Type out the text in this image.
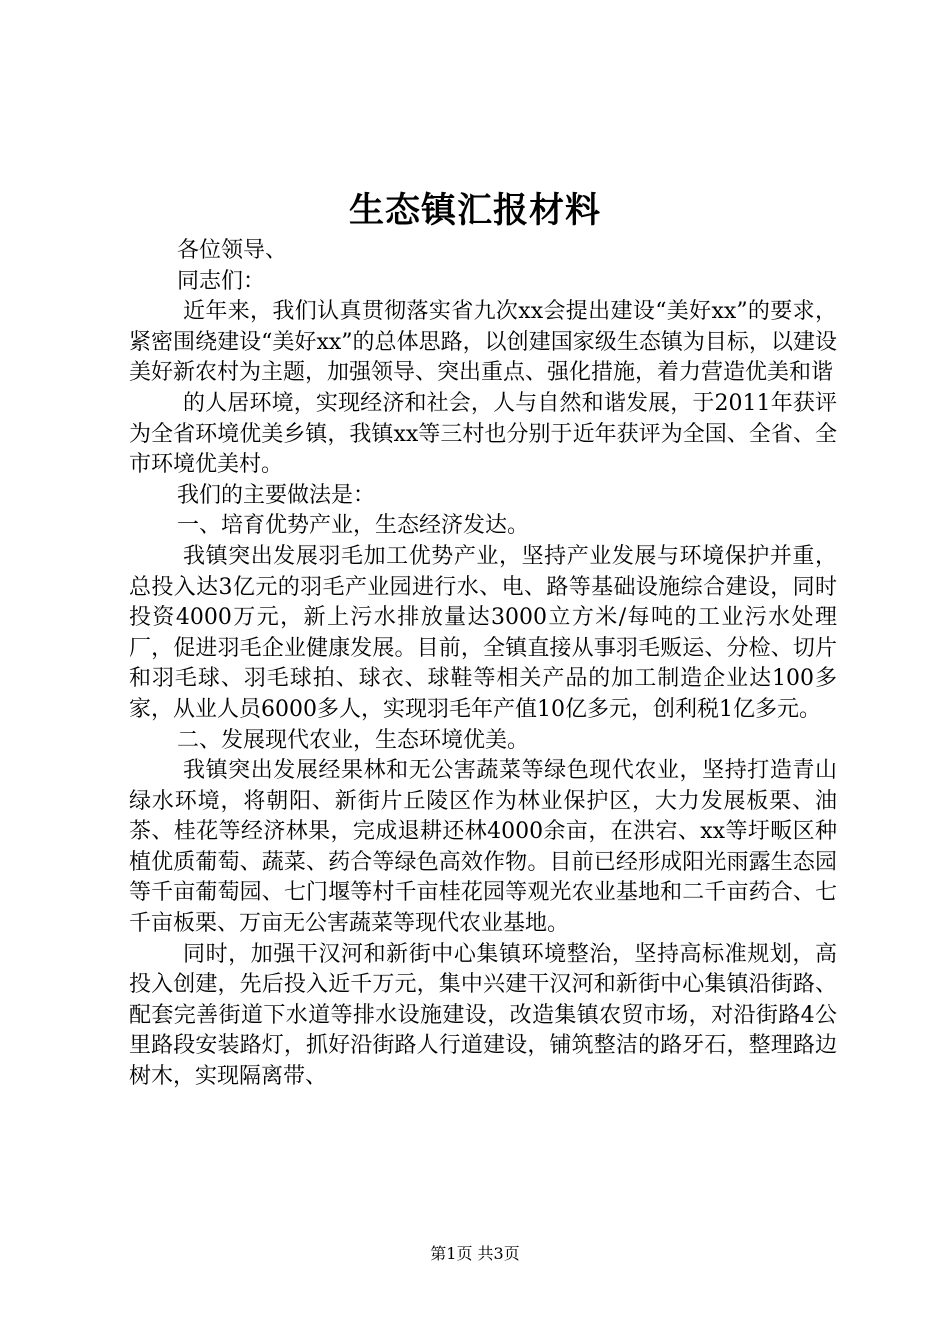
生态镇汇报材料

各位领导、

同志们：

近年来，我们认真贯彻落实省九次xx会提出建设“美好xx”的要求，紧密围绕建设“美好xx”的总体思路，以创建国家级生态镇为目标，以建设美好新农村为主题，加强领导、突出重点、强化措施，着力营造优美和谐

的人居环境，实现经济和社会，人与自然和谐发展，于2011年获评为全省环境优美乡镇，我镇xx等三村也分别于近年获评为全国、全省、全市环境优美村。

我们的主要做法是：

一、培育优势产业，生态经济发达。

我镇突出发展羽毛加工优势产业，坚持产业发展与环境保护并重，总投入达3亿元的羽毛产业园进行水、电、路等基础设施综合建设，同时投资4000万元，新上污水排放量达3000立方米/每吨的工业污水处理厂，促进羽毛企业健康发展。目前，全镇直接从事羽毛贩运、分检、切片和羽毛球、羽毛球拍、球衣、球鞋等相关产品的加工制造企业达100多家，从业人员6000多人，实现羽毛年产值10亿多元，创利税1亿多元。

二、发展现代农业，生态环境优美。

我镇突出发展经果林和无公害蔬菜等绿色现代农业，坚持打造青山绿水环境，将朝阳、新街片丘陵区作为林业保护区，大力发展板栗、油茶、桂花等经济林果，完成退耕还林4000余亩，在洪宕、xx等圩畈区种植优质葡萄、蔬菜、药合等绿色高效作物。目前已经形成阳光雨露生态园等千亩葡萄园、七门堰等村千亩桂花园等观光农业基地和二千亩药合、七千亩板栗、万亩无公害蔬菜等现代农业基地。

同时，加强干汉河和新街中心集镇环境整治，坚持高标准规划，高投入创建，先后投入近千万元，集中兴建干汉河和新街中心集镇沿街路、配套完善街道下水道等排水设施建设，改造集镇农贸市场，对沿街路4公里路段安装路灯，抓好沿街路人行道建设，铺筑整洁的路牙石，整理路边树木，实现隔离带、

第1页 共3页
